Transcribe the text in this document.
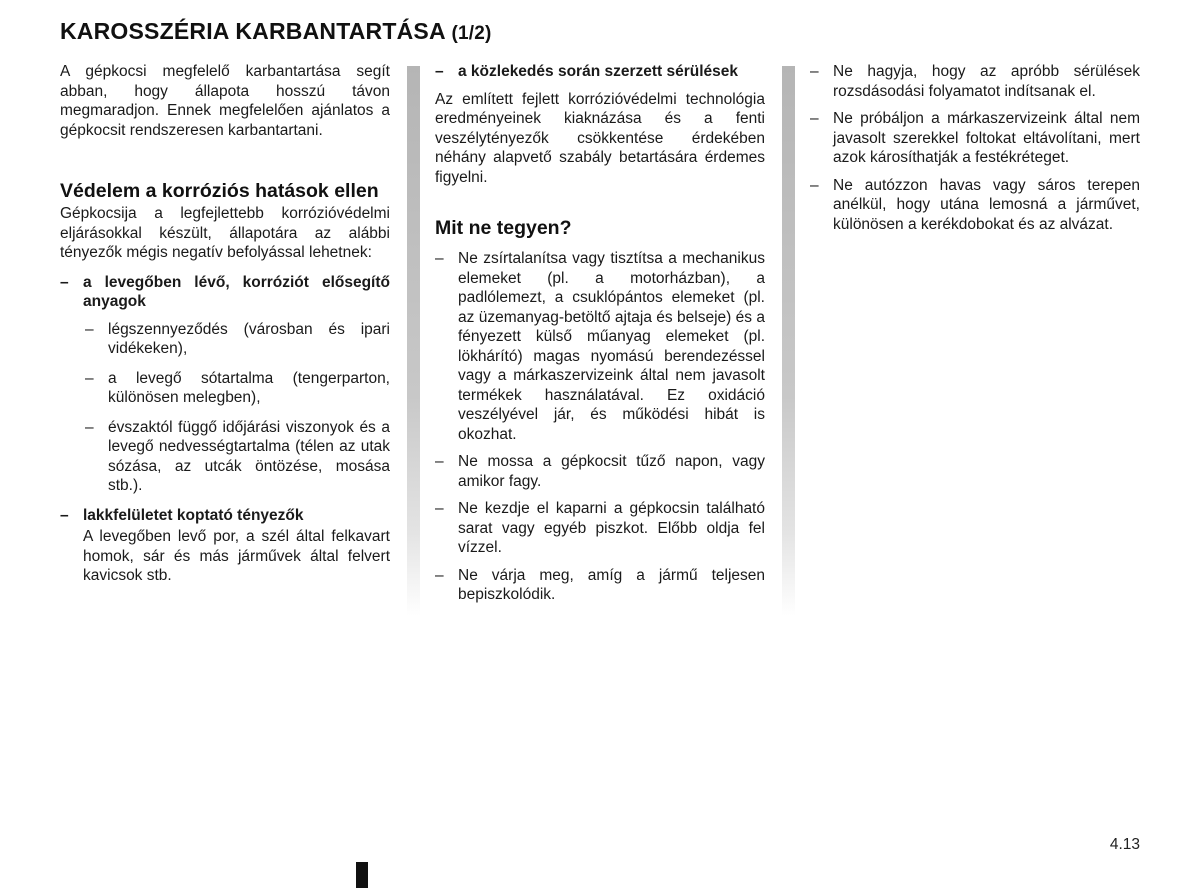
KAROSSZÉRIA KARBANTARTÁSA (1/2)

A gépkocsi megfelelő karbantartása segít abban, hogy állapota hosszú távon megmaradjon. Ennek megfelelően ajánlatos a gépkocsit rendszeresen karbantartani.

Védelem a korróziós hatások ellen

Gépkocsija a legfejlettebb korrózióvédelmi eljárásokkal készült, állapotára az alábbi tényezők mégis negatív befolyással lehetnek:

– a levegőben lévő, korróziót elősegítő anyagok
– légszennyeződés (városban és ipari vidékeken),
– a levegő sótartalma (tengerparton, különösen melegben),
– évszaktól függő időjárási viszonyok és a levegő nedvességtartalma (télen az utak sózása, az utcák öntözése, mosása stb.).
– lakkfelületet koptató tényezők

A levegőben levő por, a szél által felkavart homok, sár és más járművek által felvert kavicsok stb.

– a közlekedés során szerzett sérülések

Az említett fejlett korrózióvédelmi technológia eredményeinek kiaknázása és a fenti veszélytényezők csökkentése érdekében néhány alapvető szabály betartására érdemes figyelni.

Mit ne tegyen?
– Ne zsírtalanítsa vagy tisztítsa a mechanikus elemeket (pl. a motorházban), a padlólemezt, a csuklópántos elemeket (pl. az üzemanyag-betöltő ajtaja és belseje) és a fényezett külső műanyag elemeket (pl. lökhárító) magas nyomású berendezéssel vagy a márkaszervizeink által nem javasolt termékek használatával. Ez oxidáció veszélyével jár, és működési hibát is okozhat.
– Ne mossa a gépkocsit tűző napon, vagy amikor fagy.
– Ne kezdje el kaparni a gépkocsin található sarat vagy egyéb piszkot. Előbb oldja fel vízzel.
– Ne várja meg, amíg a jármű teljesen bepiszkolódik.
– Ne hagyja, hogy az apróbb sérülések rozsdásodási folyamatot indítsanak el.
– Ne próbáljon a márkaszervizeink által nem javasolt szerekkel foltokat eltávolítani, mert azok károsíthatják a festékréteget.
– Ne autózzon havas vagy sáros terepen anélkül, hogy utána lemosná a járművet, különösen a kerékdobokat és az alvázat.
4.13
